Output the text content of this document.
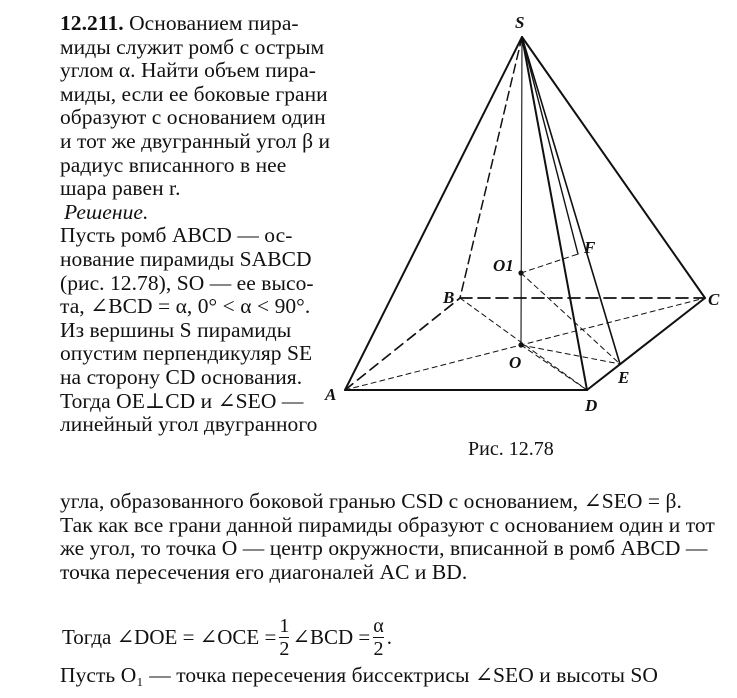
12.211. Основанием пира-
миды служит ромб с острым
углом α. Найти объем пира-
миды, если ее боковые грани
образуют с основанием один
и тот же двугранный угол β и
радиус вписанного в нее
шара равен r.
Решение.
Пусть ромб ABCD — ос-
нование пирамиды SABCD
(рис. 12.78), SO — ее высо-
та, ∠BCD = α, 0° < α < 90°.
Из вершины S пирамиды
опустим перпендикуляр SE
на сторону CD основания.
Тогда OE⊥CD и ∠SEO —
линейный угол двугранного
угла, образованного боковой гранью CSD с основанием, ∠SEO = β.
Так как все грани данной пирамиды образуют с основанием один и тот
же угол, то точка O — центр окружности, вписанной в ромб ABCD —
точка пересечения его диагоналей AC и BD.
Тогда ∠DOE = ∠OCE = $\frac{1}{2}$ ∠BCD = $\frac{\alpha}{2}$ .
Пусть O₁ — точка пересечения биссектрисы ∠SEO и высоты SO
S
O1
F
B	C
O
E
A
D
Рис. 12.78
